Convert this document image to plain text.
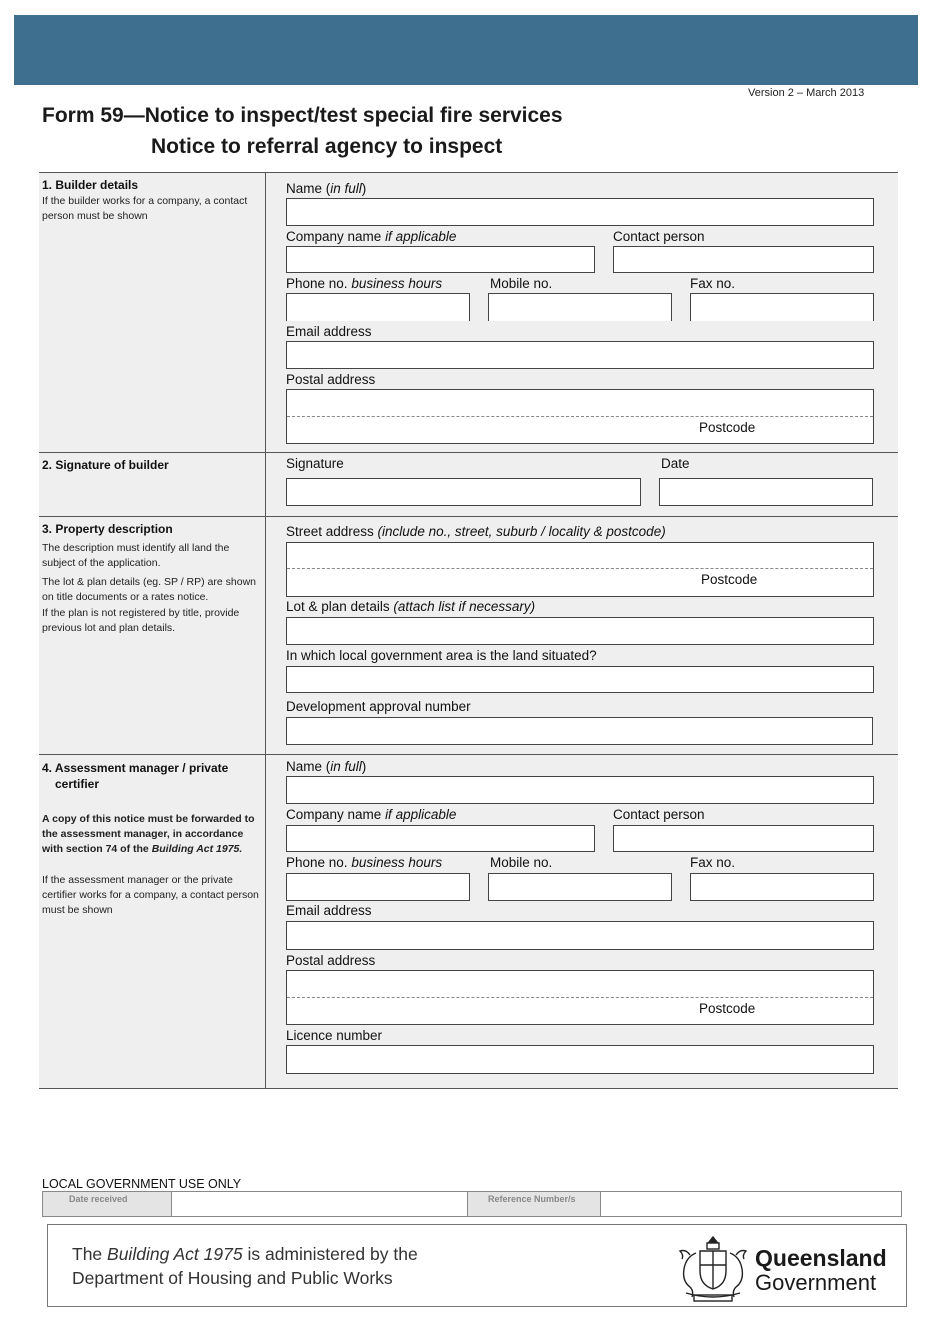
Version 2 – March 2013
Form 59—Notice to inspect/test special fire services
Notice to referral agency to inspect
1. Builder details
If the builder works for a company, a contact person must be shown
Name (in full)
Company name if applicable	Contact person
Phone no. business hours	Mobile no.	Fax no.
Email address
Postal address
Postcode
2. Signature of builder	Signature	Date
3. Property description
The description must identify all land the subject of the application.
The lot & plan details (eg. SP / RP) are shown on title documents or a rates notice.
If the plan is not registered by title, provide previous lot and plan details.
Street address (include no., street, suburb / locality & postcode)
Postcode
Lot & plan details (attach list if necessary)
In which local government area is the land situated?
Development approval number
4. Assessment manager / private
certifier
A copy of this notice must be forwarded to the assessment manager, in accordance with section 74 of the Building Act 1975.
If the assessment manager or the private certifier works for a company, a contact person must be shown
Name (in full)
Company name if applicable	Contact person
Phone no. business hours	Mobile no.	Fax no.
Email address
Postal address
Postcode
Licence number
LOCAL GOVERNMENT USE ONLY
Date received	Reference Number/s
The Building Act 1975 is administered by the
Department of Housing and Public Works
Queensland
Government
